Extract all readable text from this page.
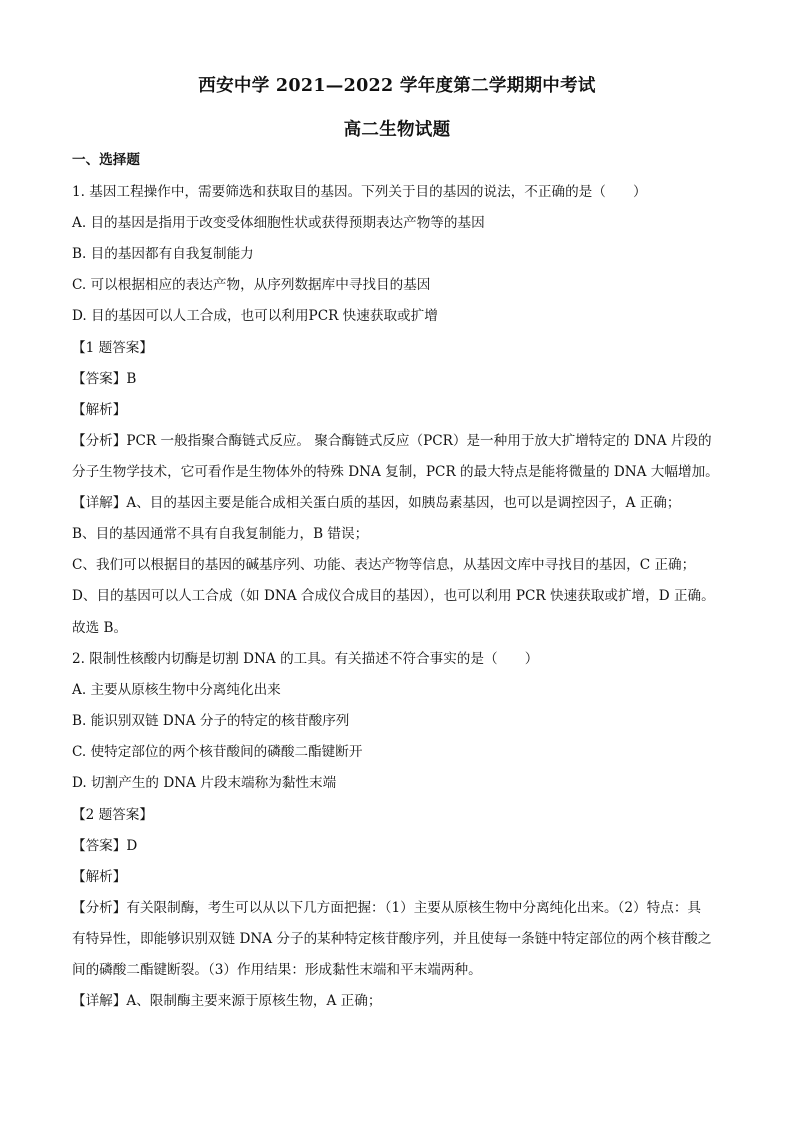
西安中学 2021—2022 学年度第二学期期中考试
高二生物试题
一、选择题
1. 基因工程操作中，需要筛选和获取目的基因。下列关于目的基因的说法，不正确的是（　　）
A. 目的基因是指用于改变受体细胞性状或获得预期表达产物等的基因
B. 目的基因都有自我复制能力
C. 可以根据相应的表达产物，从序列数据库中寻找目的基因
D. 目的基因可以人工合成，也可以利用PCR 快速获取或扩增
【1 题答案】
【答案】B
【解析】
【分析】PCR 一般指聚合酶链式反应。 聚合酶链式反应（PCR）是一种用于放大扩增特定的 DNA 片段的
分子生物学技术，它可看作是生物体外的特殊 DNA 复制，PCR 的最大特点是能将微量的 DNA 大幅增加。
【详解】A、目的基因主要是能合成相关蛋白质的基因，如胰岛素基因，也可以是调控因子，A 正确；
B、目的基因通常不具有自我复制能力，B 错误；
C、我们可以根据目的基因的碱基序列、功能、表达产物等信息，从基因文库中寻找目的基因，C 正确；
D、目的基因可以人工合成（如 DNA 合成仪合成目的基因），也可以利用 PCR 快速获取或扩增，D 正确。
故选 B。
2. 限制性核酸内切酶是切割 DNA 的工具。有关描述不符合事实的是（　　）
A. 主要从原核生物中分离纯化出来
B. 能识别双链 DNA 分子的特定的核苷酸序列
C. 使特定部位的两个核苷酸间的磷酸二酯键断开
D. 切割产生的 DNA 片段末端称为黏性末端
【2 题答案】
【答案】D
【解析】
【分析】有关限制酶，考生可以从以下几方面把握：（1）主要从原核生物中分离纯化出来。（2）特点：具
有特异性，即能够识别双链 DNA 分子的某种特定核苷酸序列，并且使每一条链中特定部位的两个核苷酸之
间的磷酸二酯键断裂。（3）作用结果：形成黏性末端和平末端两种。
【详解】A、限制酶主要来源于原核生物，A 正确；
